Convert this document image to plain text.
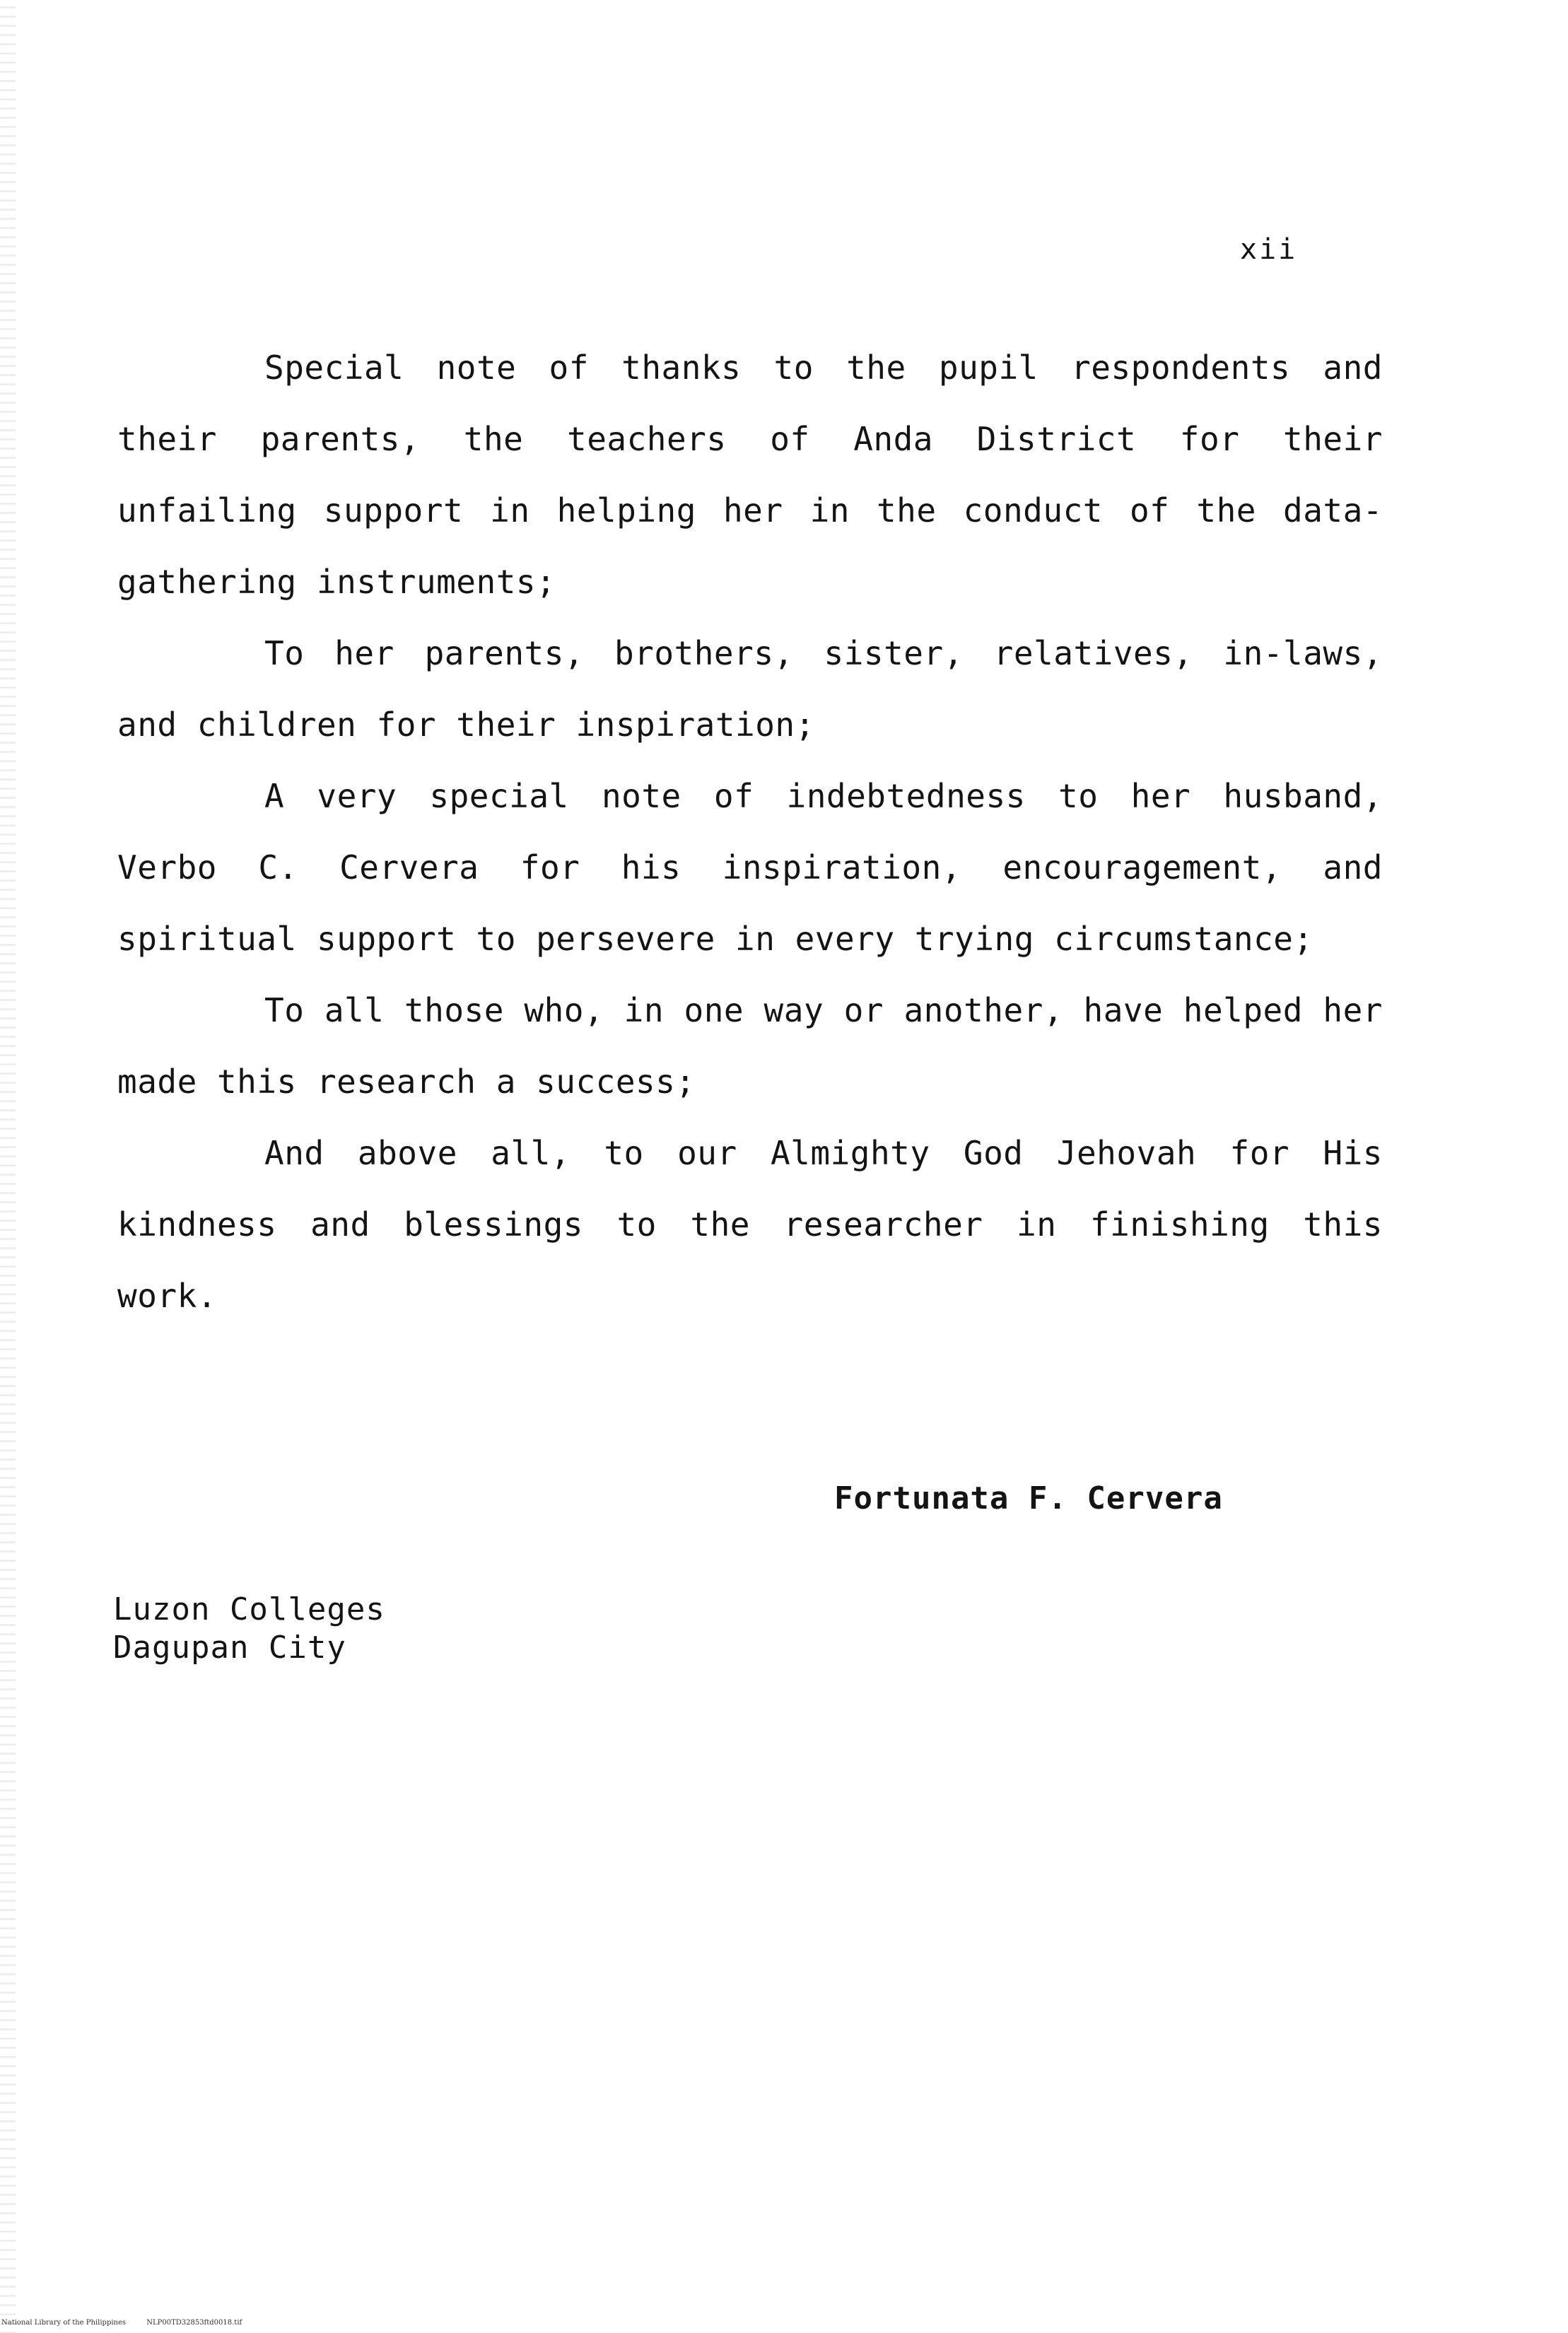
xii

Special note of thanks to the pupil respondents and their parents, the teachers of Anda District for their unfailing support in helping her in the conduct of the data-gathering instruments;

To her parents, brothers, sister, relatives, in-laws, and children for their inspiration;

A very special note of indebtedness to her husband, Verbo C. Cervera for his inspiration, encouragement, and spiritual support to persevere in every trying circumstance;

To all those who, in one way or another, have helped her made this research a success;

And above all, to our Almighty God Jehovah for His kindness and blessings to the researcher in finishing this work.

Fortunata F. Cervera
Luzon Colleges
Dagupan City
National Library of the Philippines	NLP00TD32853ftd0018.tif
